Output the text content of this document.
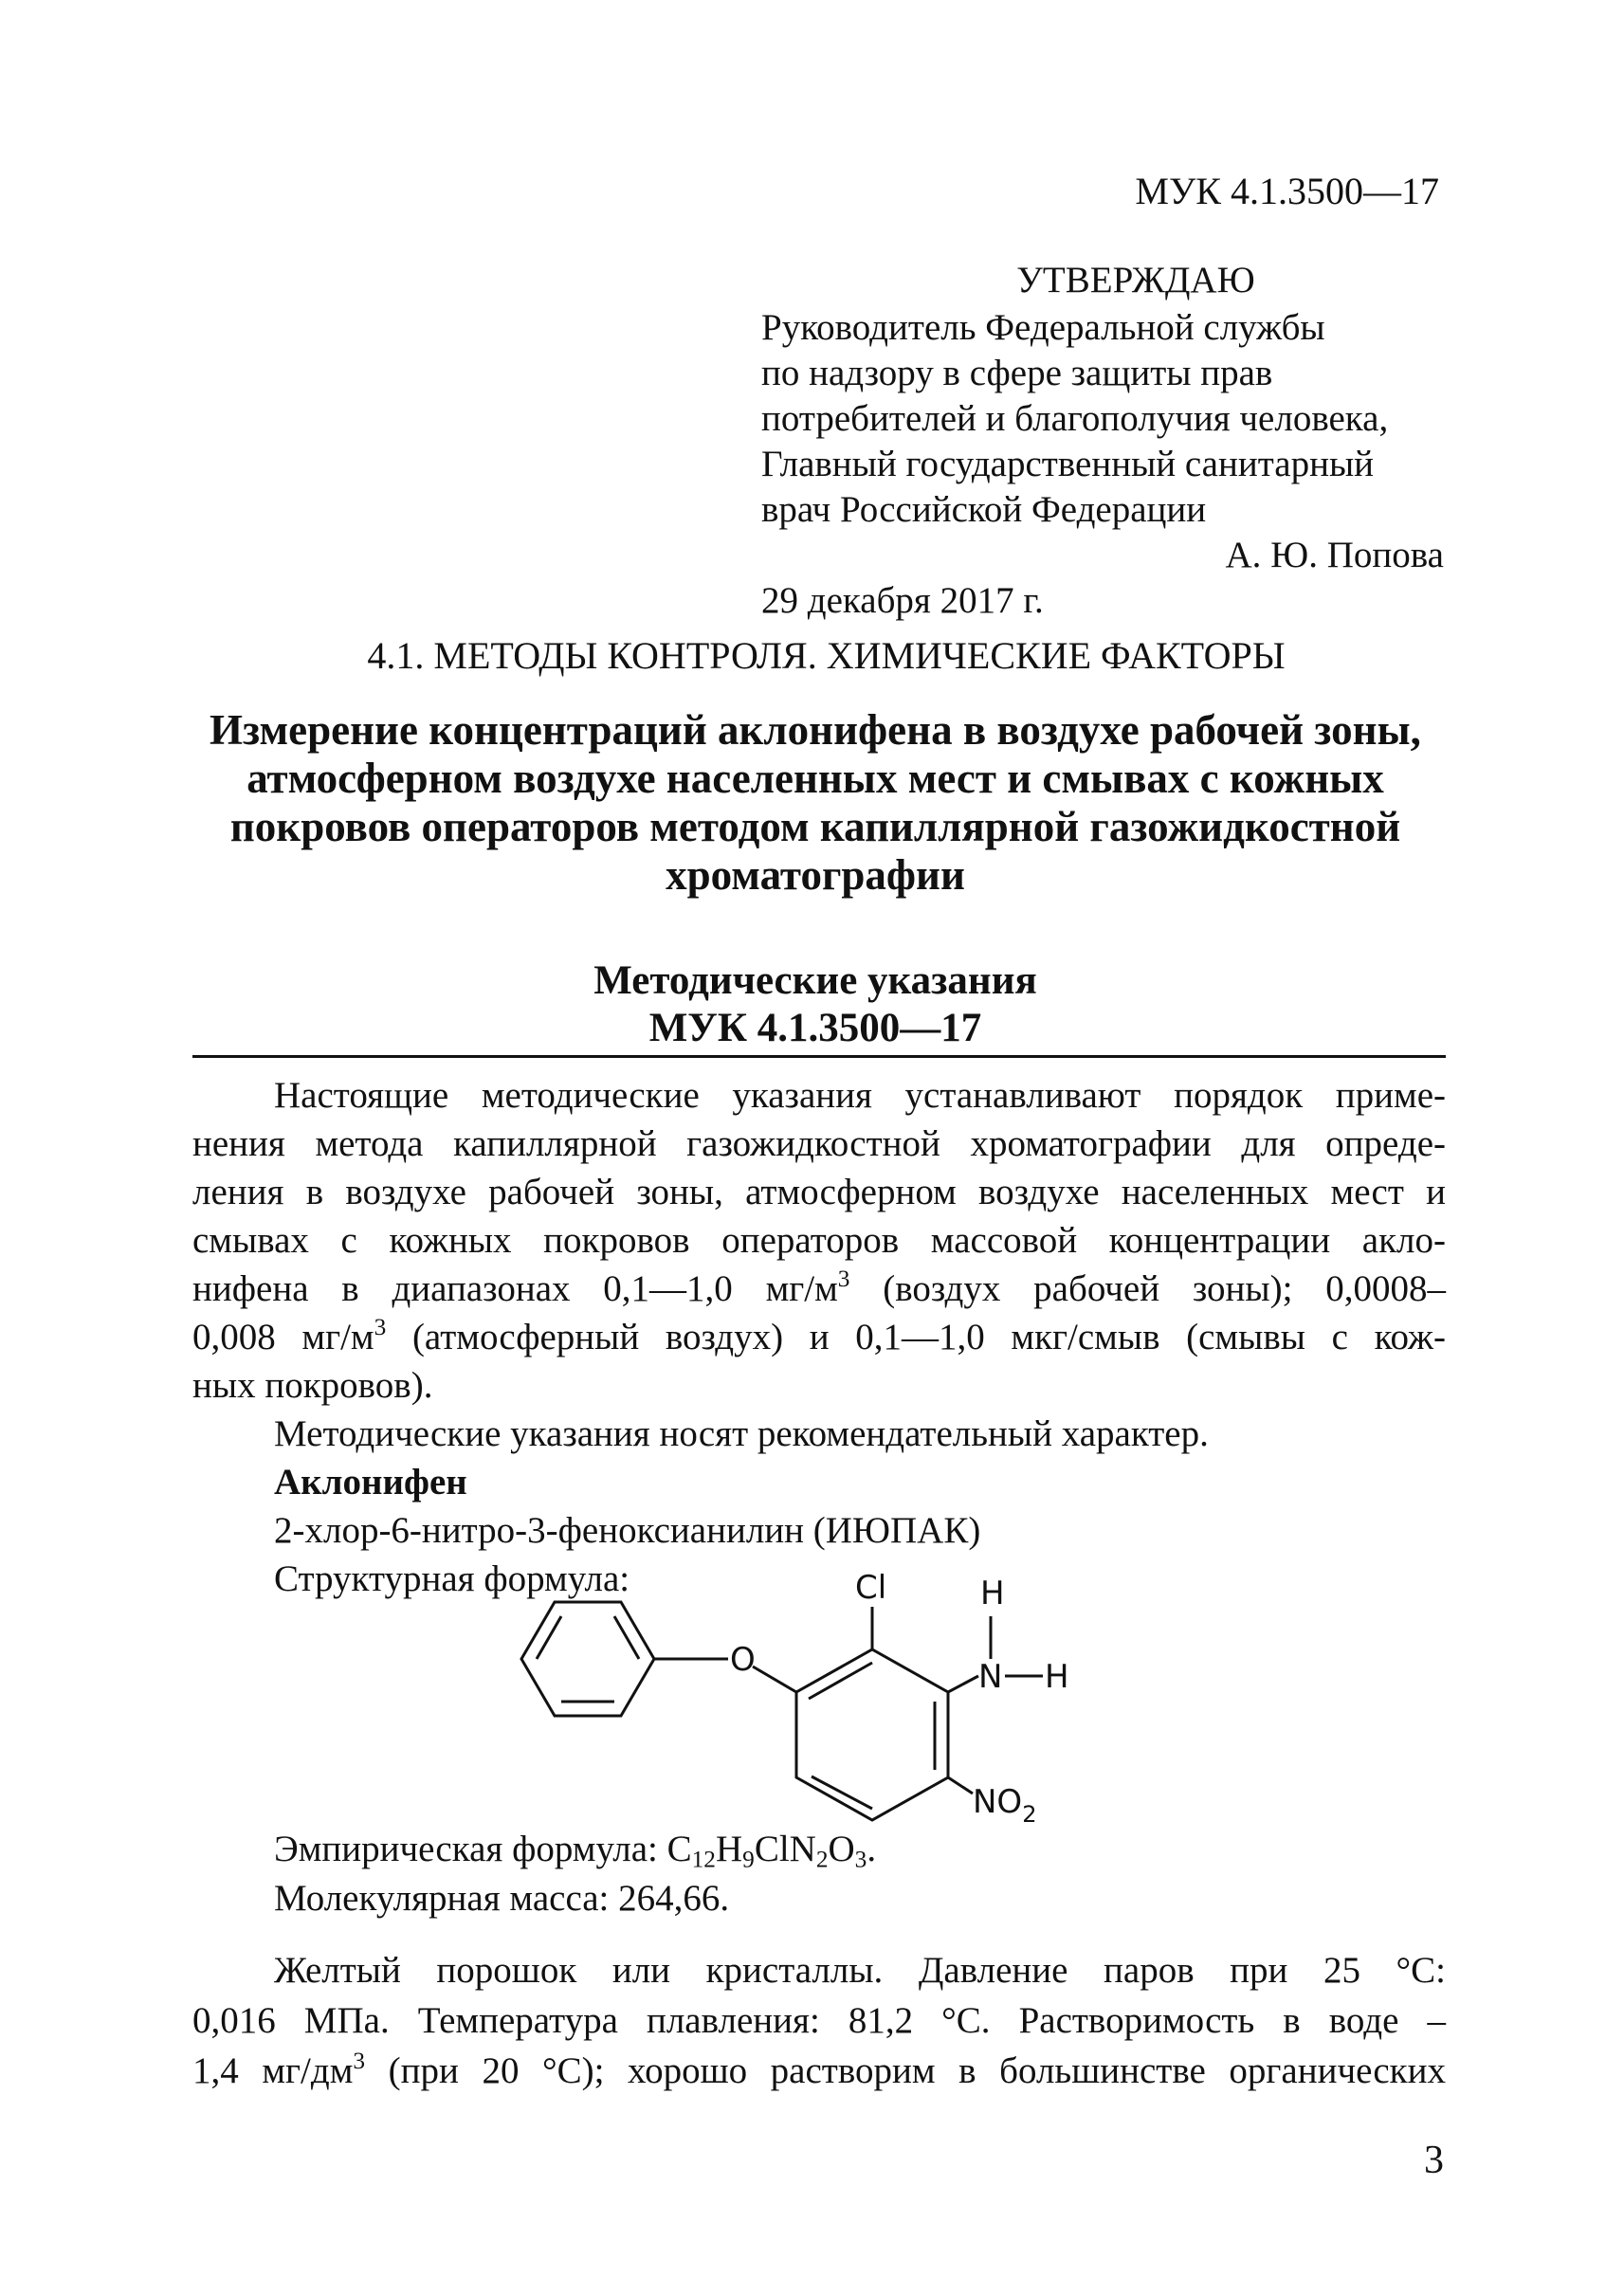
МУК 4.1.3500—17
УТВЕРЖДАЮ
Руководитель Федеральной службы
по надзору в сфере защиты прав
потребителей и благополучия человека,
Главный государственный санитарный
врач Российской Федерации
А. Ю. Попова
29 декабря 2017 г.
4.1. МЕТОДЫ КОНТРОЛЯ. ХИМИЧЕСКИЕ ФАКТОРЫ
Измерение концентраций аклонифена в воздухе рабочей зоны, атмосферном воздухе населенных мест и смывах с кожных покровов операторов методом капиллярной газожидкостной хроматографии
Методические указания
МУК 4.1.3500—17
Настоящие методические указания устанавливают порядок приме-
нения метода капиллярной газожидкостной хроматографии для опреде-
ления в воздухе рабочей зоны, атмосферном воздухе населенных мест и
смывах с кожных покровов операторов массовой концентрации акло-
нифена в диапазонах 0,1—1,0 $мг/м^3$ (воздух рабочей зоны); 0,0008–
0,008 $мг/м^3$ (атмосферный воздух) и 0,1—1,0 мкг/смыв (смывы с кож-
ных покровов).
Методические указания носят рекомендательный характер.
Аклонифен
2-хлор-6-нитро-3-феноксианилин (ИЮПАК)
Структурная формула:
O
Cl
N
H
H
$NO_2$
Эмпирическая формула: $C_{12}H_9ClN_2O_3$.
Молекулярная масса: 264,66.
Желтый порошок или кристаллы. Давление паров при 25 °С:
0,016 МПа. Температура плавления: 81,2 °С. Растворимость в воде –
1,4 $мг/дм^3$ (при 20 °С); хорошо растворим в большинстве органических
3
